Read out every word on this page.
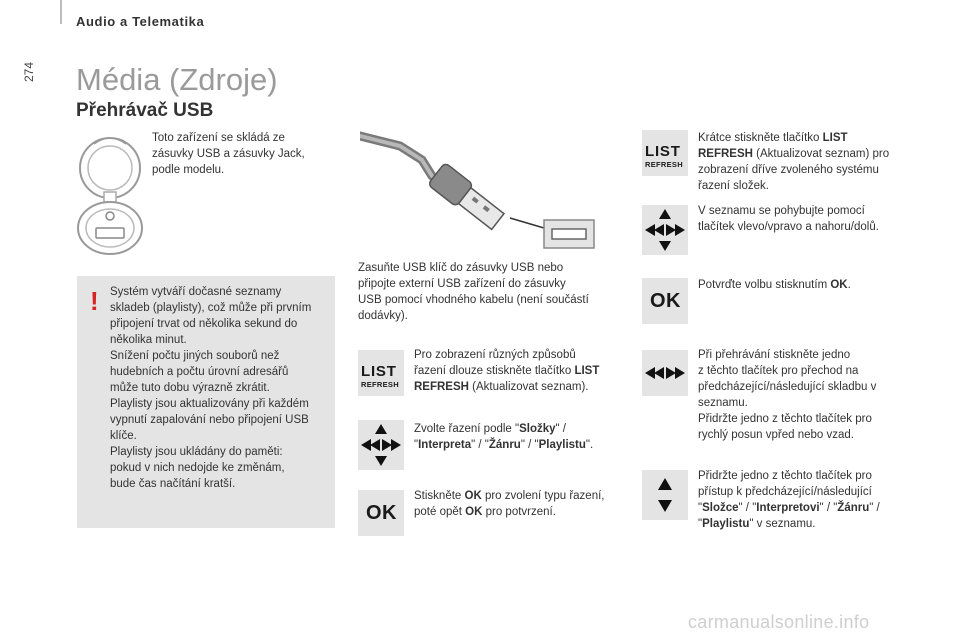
Audio a Telematika
274 Média (Zdroje)
Přehrávač USB
Toto zařízení se skládá ze
zásuvky USB a zásuvky Jack,
podle modelu.
! Systém vytváří dočasné seznamy
skladeb (playlisty), což může při prvním
připojení trvat od několika sekund do
několika minut.
Snížení počtu jiných souborů než
hudebních a počtu úrovní adresářů
může tuto dobu výrazně zkrátit.
Playlisty jsou aktualizovány při každém
vypnutí zapalování nebo připojení USB
klíče.
Playlisty jsou ukládány do paměti:
pokud v nich nedojde ke změnám,
bude čas načítání kratší.
Zasuňte USB klíč do zásuvky USB nebo
připojte externí USB zařízení do zásuvky
USB pomocí vhodného kabelu (není součástí
dodávky).
LIST
REFRESH
Pro zobrazení různých způsobů
řazení dlouze stiskněte tlačítko LIST
REFRESH (Aktualizovat seznam).
Zvolte řazení podle "Složky" /
"Interpreta" / "Žánru" / "Playlistu".
OK
Stiskněte OK pro zvolení typu řazení,
poté opět OK pro potvrzení.
LIST
REFRESH
Krátce stiskněte tlačítko LIST
REFRESH (Aktualizovat seznam) pro
zobrazení dříve zvoleného systému
řazení složek.
V seznamu se pohybujte pomocí
tlačítek vlevo/vpravo a nahoru/dolů.
OK
Potvrďte volbu stisknutím OK.
Při přehrávání stiskněte jedno
z těchto tlačítek pro přechod na
předcházející/následující skladbu v
seznamu.
Přidržte jedno z těchto tlačítek pro
rychlý posun vpřed nebo vzad.
Přidržte jedno z těchto tlačítek pro
přístup k předcházející/následující
"Složce" / "Interpretovi" / "Žánru" /
"Playlistu" v seznamu.
carmanualsonline.info
